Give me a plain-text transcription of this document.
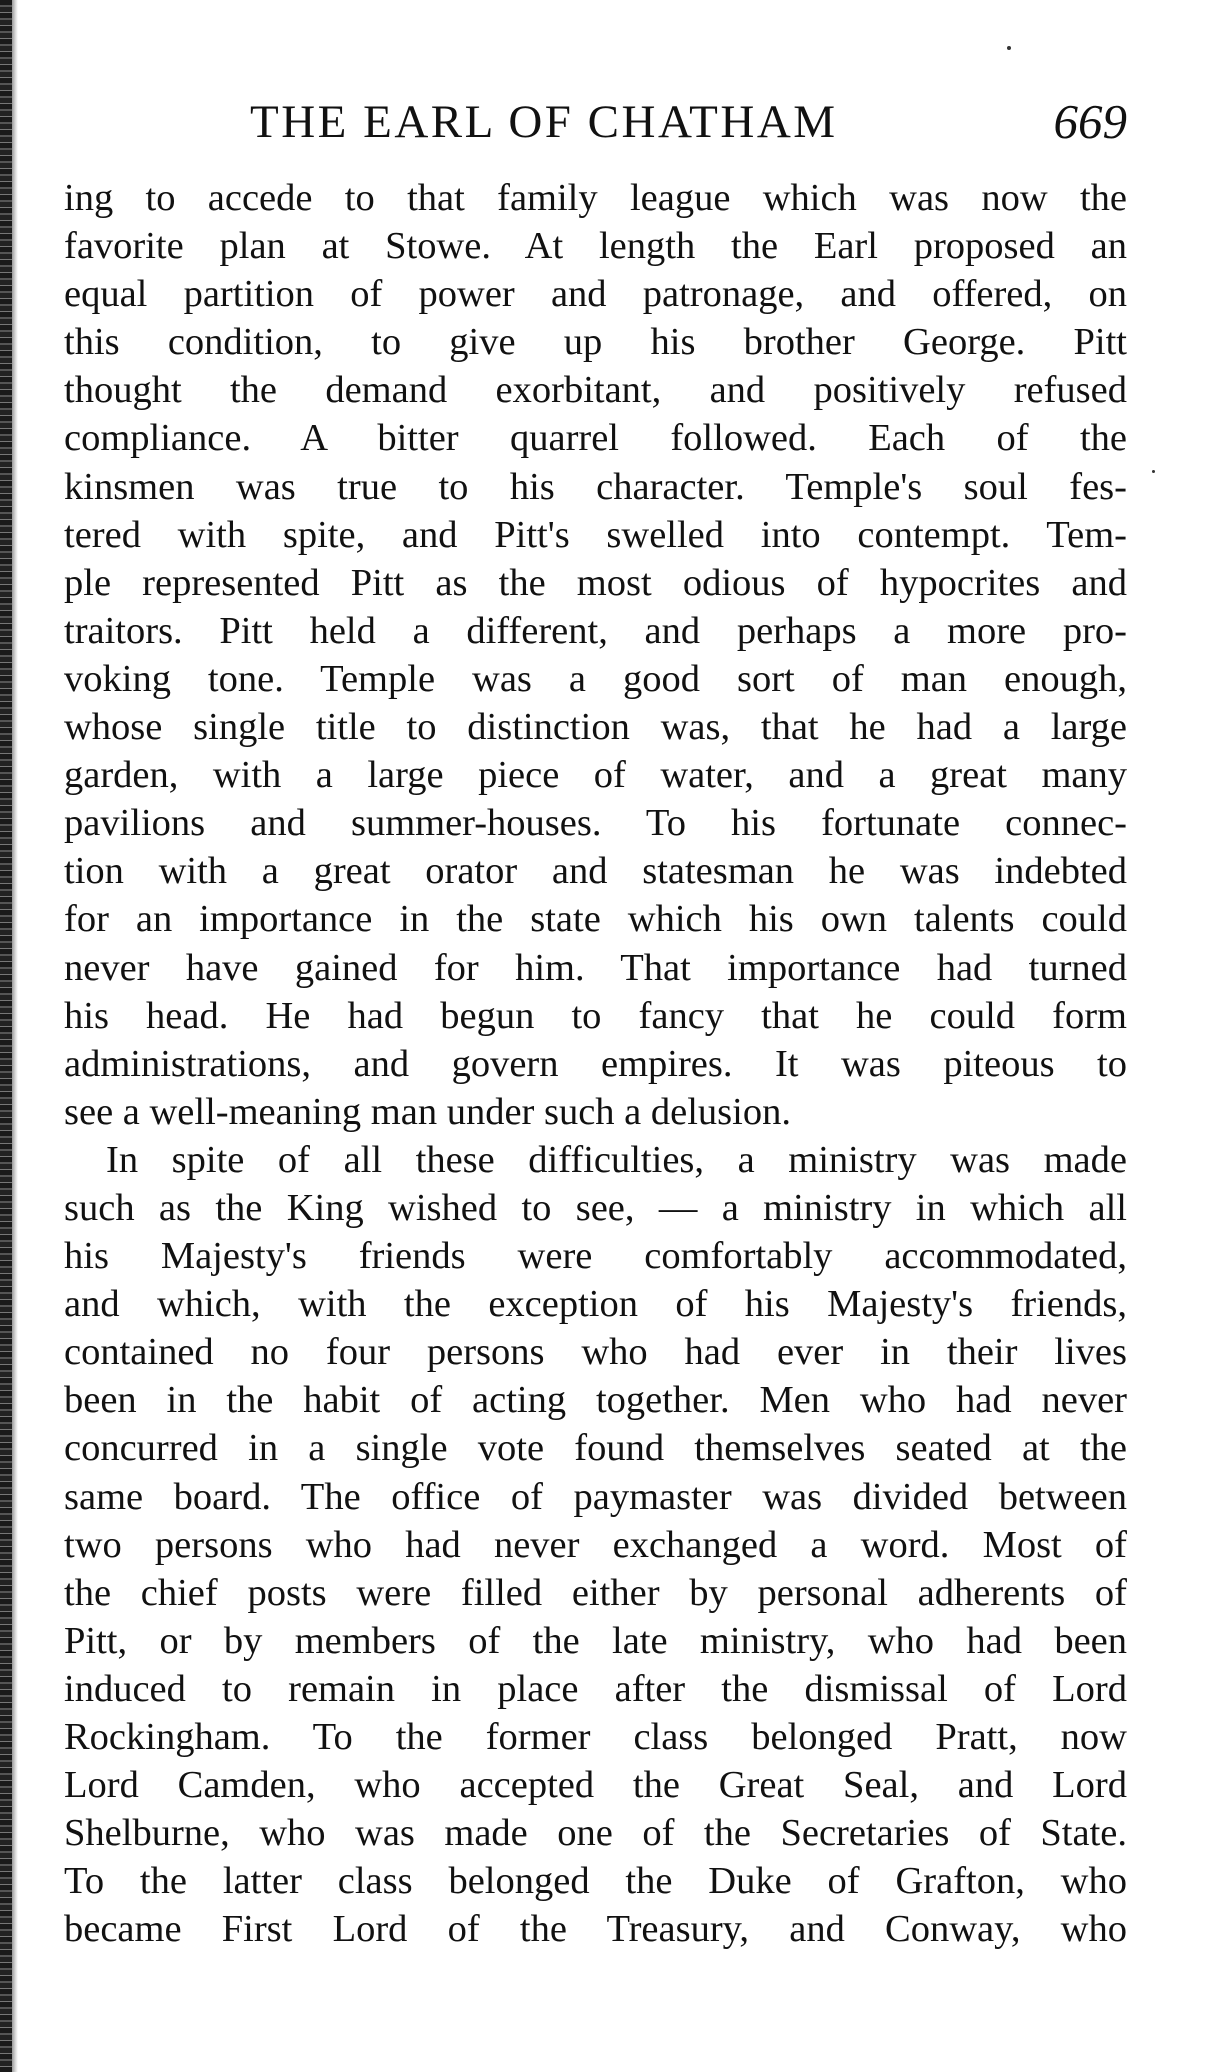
THE EARL OF CHATHAM	669
ing to accede to that family league which was now the
favorite plan at Stowe. At length the Earl proposed an
equal partition of power and patronage, and offered, on
this condition, to give up his brother George. Pitt
thought the demand exorbitant, and positively refused
compliance. A bitter quarrel followed. Each of the
kinsmen was true to his character. Temple's soul fes-
tered with spite, and Pitt's swelled into contempt. Tem-
ple represented Pitt as the most odious of hypocrites and
traitors. Pitt held a different, and perhaps a more pro-
voking tone. Temple was a good sort of man enough,
whose single title to distinction was, that he had a large
garden, with a large piece of water, and a great many
pavilions and summer-houses. To his fortunate connec-
tion with a great orator and statesman he was indebted
for an importance in the state which his own talents could
never have gained for him. That importance had turned
his head. He had begun to fancy that he could form
administrations, and govern empires. It was piteous to
see a well-meaning man under such a delusion.
In spite of all these difficulties, a ministry was made
such as the King wished to see, — a ministry in which all
his Majesty's friends were comfortably accommodated,
and which, with the exception of his Majesty's friends,
contained no four persons who had ever in their lives
been in the habit of acting together. Men who had never
concurred in a single vote found themselves seated at the
same board. The office of paymaster was divided between
two persons who had never exchanged a word. Most of
the chief posts were filled either by personal adherents of
Pitt, or by members of the late ministry, who had been
induced to remain in place after the dismissal of Lord
Rockingham. To the former class belonged Pratt, now
Lord Camden, who accepted the Great Seal, and Lord
Shelburne, who was made one of the Secretaries of State.
To the latter class belonged the Duke of Grafton, who
became First Lord of the Treasury, and Conway, who
